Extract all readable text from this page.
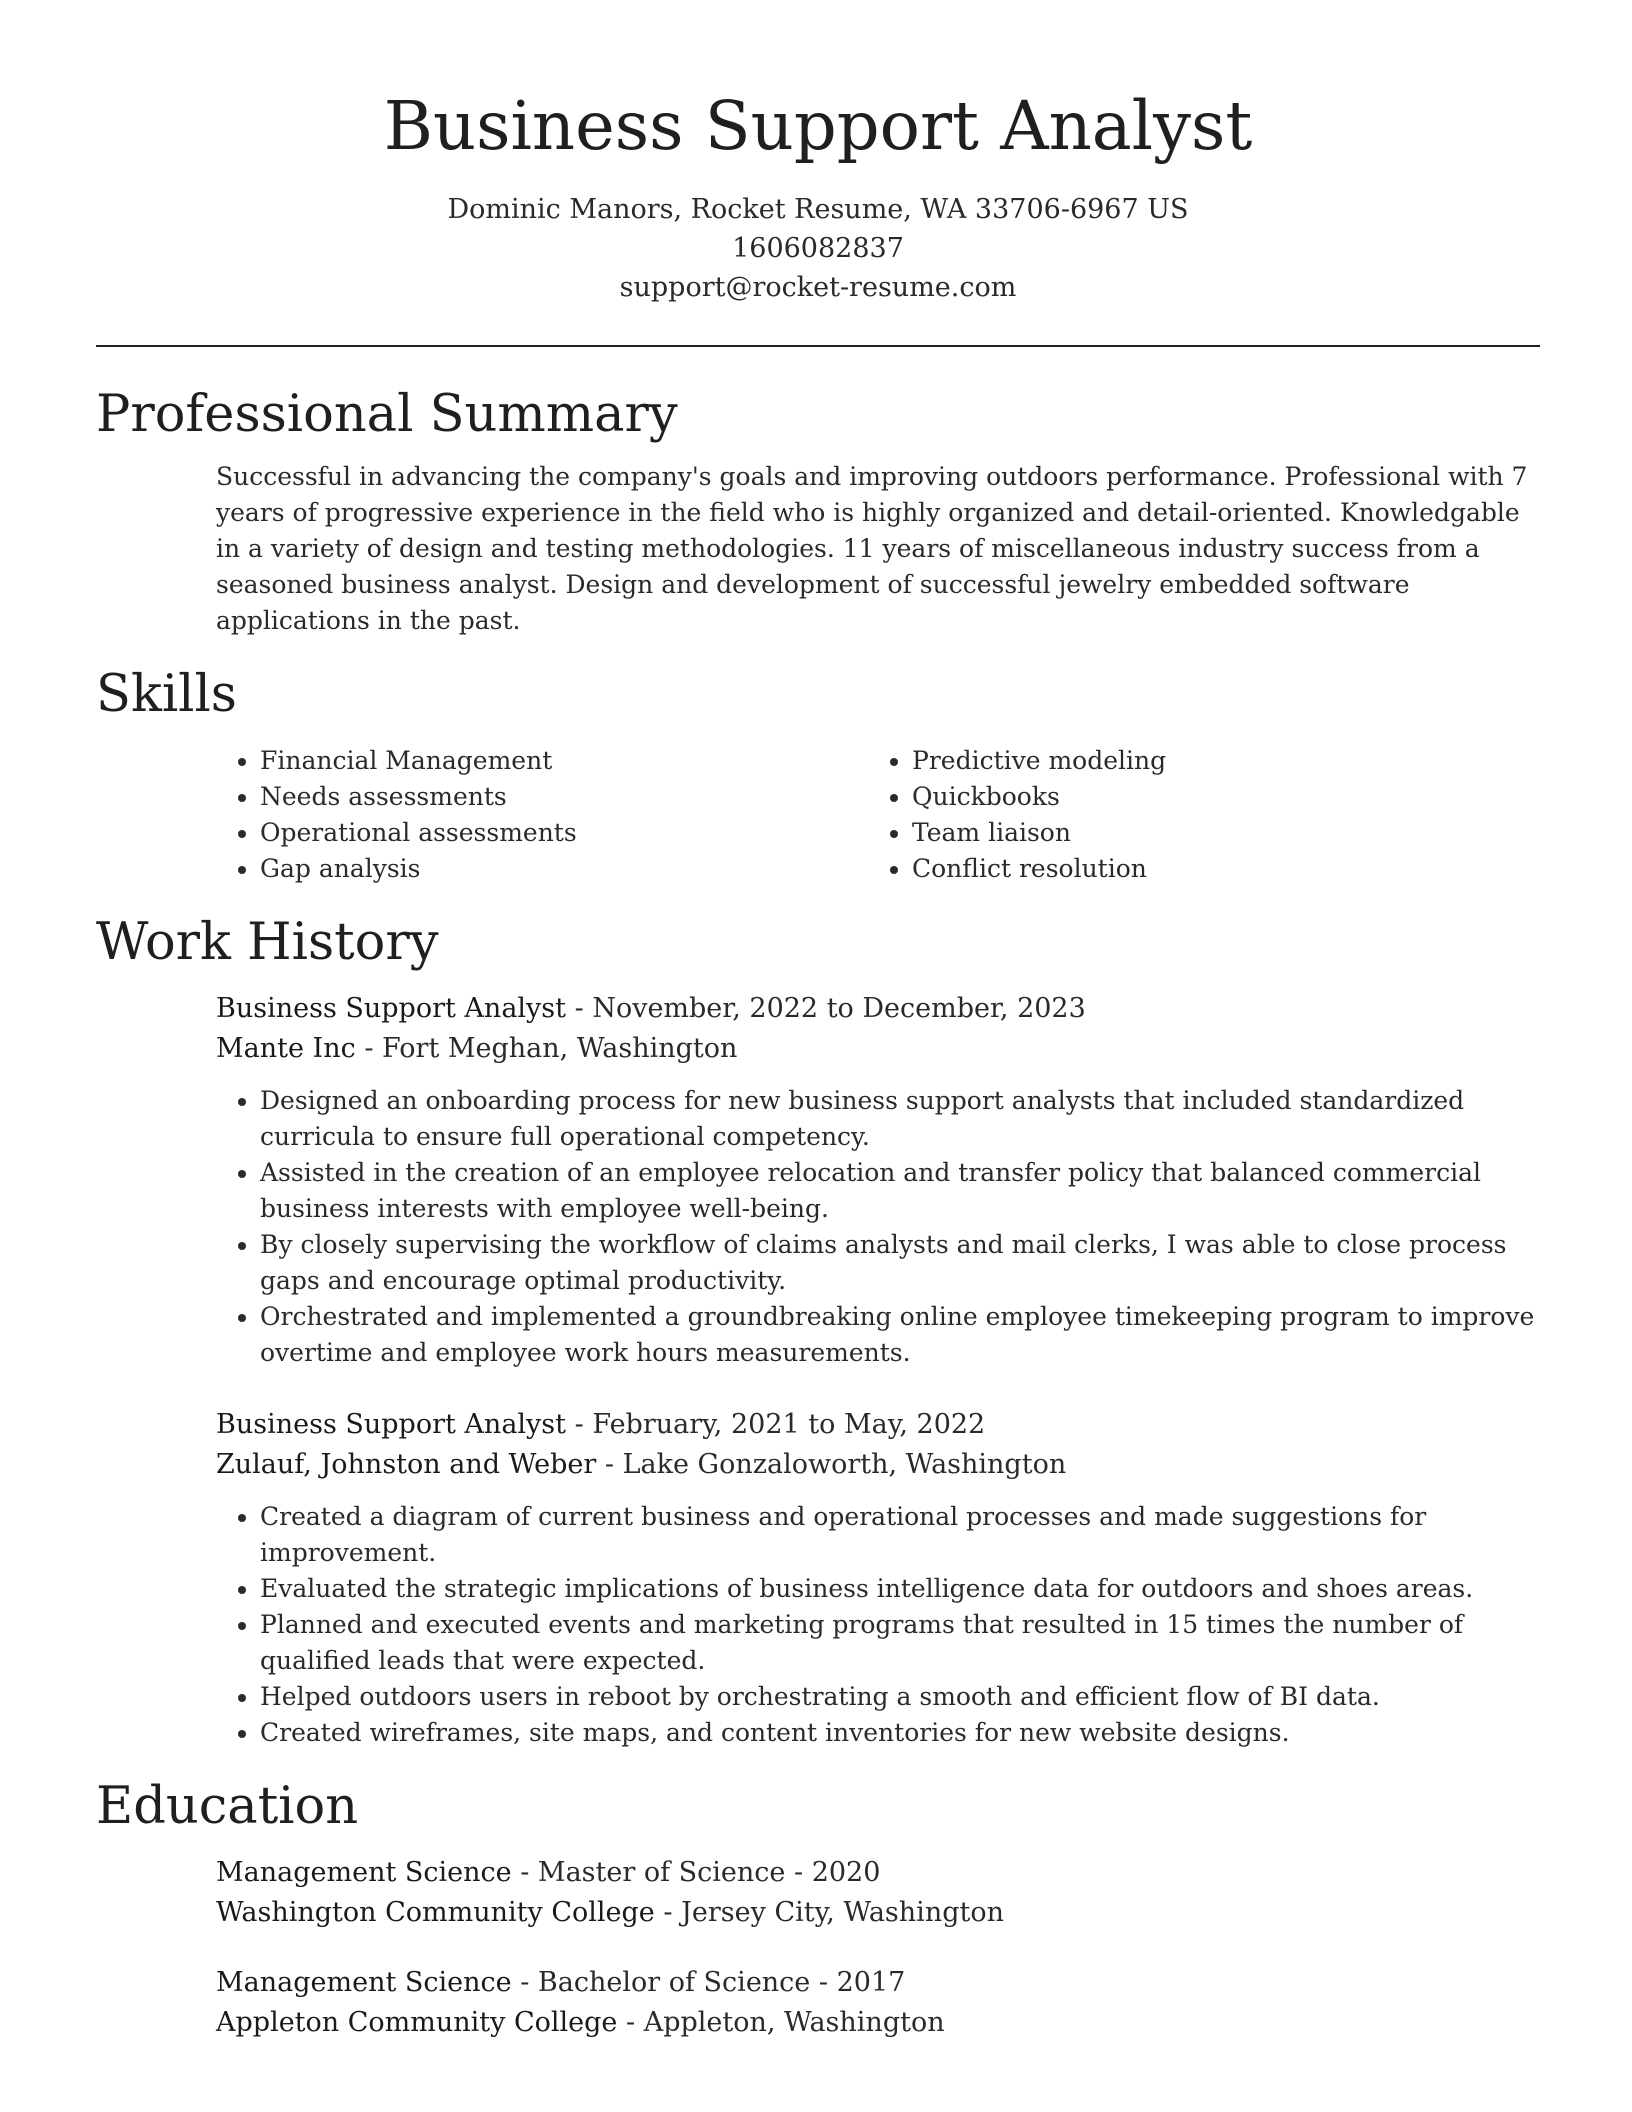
Business Support Analyst
Dominic Manors, Rocket Resume, WA 33706-6967 US
1606082837
support@rocket-resume.com
Professional Summary

Successful in advancing the company's goals and improving outdoors performance. Professional with 7 years of progressive experience in the field who is highly organized and detail-oriented. Knowledgable in a variety of design and testing methodologies. 11 years of miscellaneous industry success from a seasoned business analyst. Design and development of successful jewelry embedded software applications in the past.

Skills
• Financial Management
• Needs assessments
• Operational assessments
• Gap analysis
• Predictive modeling
• Quickbooks
• Team liaison
• Conflict resolution
Work History
Business Support Analyst - November, 2022 to December, 2023
Mante Inc - Fort Meghan, Washington
• Designed an onboarding process for new business support analysts that included standardized curricula to ensure full operational competency.
• Assisted in the creation of an employee relocation and transfer policy that balanced commercial business interests with employee well-being.
• By closely supervising the workflow of claims analysts and mail clerks, I was able to close process gaps and encourage optimal productivity.
• Orchestrated and implemented a groundbreaking online employee timekeeping program to improve overtime and employee work hours measurements.
Business Support Analyst - February, 2021 to May, 2022
Zulauf, Johnston and Weber - Lake Gonzaloworth, Washington
• Created a diagram of current business and operational processes and made suggestions for improvement.
• Evaluated the strategic implications of business intelligence data for outdoors and shoes areas.
• Planned and executed events and marketing programs that resulted in 15 times the number of qualified leads that were expected.
• Helped outdoors users in reboot by orchestrating a smooth and efficient flow of BI data.
• Created wireframes, site maps, and content inventories for new website designs.
Education
Management Science - Master of Science - 2020
Washington Community College - Jersey City, Washington
Management Science - Bachelor of Science - 2017
Appleton Community College - Appleton, Washington
